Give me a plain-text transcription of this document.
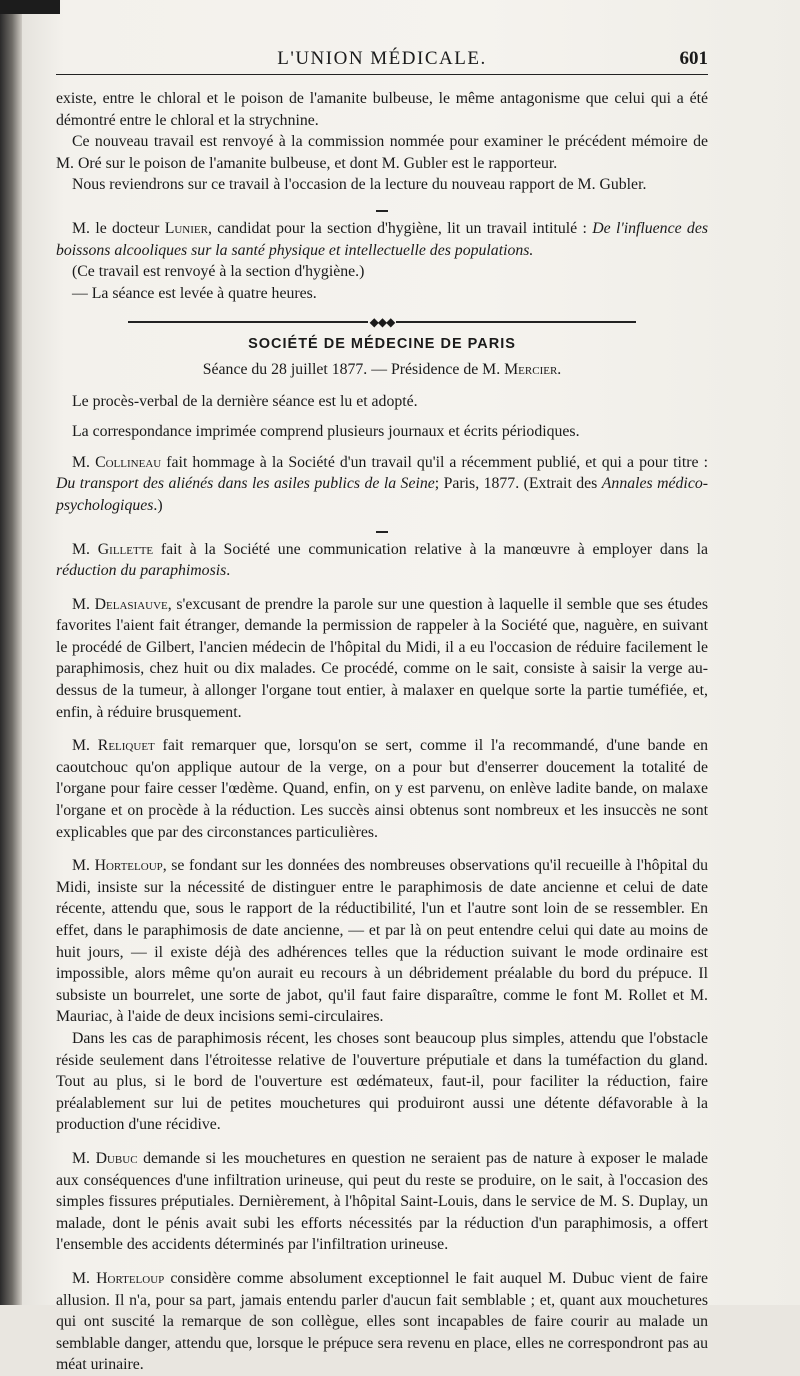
L'UNION MÉDICALE.	601

existe, entre le chloral et le poison de l'amanite bulbeuse, le même antagonisme que celui qui a été démontré entre le chloral et la strychnine.

Ce nouveau travail est renvoyé à la commission nommée pour examiner le précédent mémoire de M. Oré sur le poison de l'amanite bulbeuse, et dont M. Gubler est le rapporteur.

Nous reviendrons sur ce travail à l'occasion de la lecture du nouveau rapport de M. Gubler.

M. le docteur Lunier, candidat pour la section d'hygiène, lit un travail intitulé : De l'influence des boissons alcooliques sur la santé physique et intellectuelle des populations.

(Ce travail est renvoyé à la section d'hygiène.)

— La séance est levée à quatre heures.

◆◆◆
SOCIÉTÉ DE MÉDECINE DE PARIS
Séance du 28 juillet 1877. — Présidence de M. Mercier.

Le procès-verbal de la dernière séance est lu et adopté.

La correspondance imprimée comprend plusieurs journaux et écrits périodiques.

M. Collineau fait hommage à la Société d'un travail qu'il a récemment publié, et qui a pour titre : Du transport des aliénés dans les asiles publics de la Seine; Paris, 1877. (Extrait des Annales médico-psychologiques.)

M. Gillette fait à la Société une communication relative à la manœuvre à employer dans la réduction du paraphimosis.

M. Delasiauve, s'excusant de prendre la parole sur une question à laquelle il semble que ses études favorites l'aient fait étranger, demande la permission de rappeler à la Société que, naguère, en suivant le procédé de Gilbert, l'ancien médecin de l'hôpital du Midi, il a eu l'occasion de réduire facilement le paraphimosis, chez huit ou dix malades. Ce procédé, comme on le sait, consiste à saisir la verge au-dessus de la tumeur, à allonger l'organe tout entier, à malaxer en quelque sorte la partie tuméfiée, et, enfin, à réduire brusquement.

M. Reliquet fait remarquer que, lorsqu'on se sert, comme il l'a recommandé, d'une bande en caoutchouc qu'on applique autour de la verge, on a pour but d'enserrer doucement la totalité de l'organe pour faire cesser l'œdème. Quand, enfin, on y est parvenu, on enlève ladite bande, on malaxe l'organe et on procède à la réduction. Les succès ainsi obtenus sont nombreux et les insuccès ne sont explicables que par des circonstances particulières.

M. Horteloup, se fondant sur les données des nombreuses observations qu'il recueille à l'hôpital du Midi, insiste sur la nécessité de distinguer entre le paraphimosis de date ancienne et celui de date récente, attendu que, sous le rapport de la réductibilité, l'un et l'autre sont loin de se ressembler. En effet, dans le paraphimosis de date ancienne, — et par là on peut entendre celui qui date au moins de huit jours, — il existe déjà des adhérences telles que la réduction suivant le mode ordinaire est impossible, alors même qu'on aurait eu recours à un débridement préalable du bord du prépuce. Il subsiste un bourrelet, une sorte de jabot, qu'il faut faire disparaître, comme le font M. Rollet et M. Mauriac, à l'aide de deux incisions semi-circulaires.

Dans les cas de paraphimosis récent, les choses sont beaucoup plus simples, attendu que l'obstacle réside seulement dans l'étroitesse relative de l'ouverture préputiale et dans la tuméfaction du gland. Tout au plus, si le bord de l'ouverture est œdémateux, faut-il, pour faciliter la réduction, faire préalablement sur lui de petites mouchetures qui produiront aussi une détente défavorable à la production d'une récidive.

M. Dubuc demande si les mouchetures en question ne seraient pas de nature à exposer le malade aux conséquences d'une infiltration urineuse, qui peut du reste se produire, on le sait, à l'occasion des simples fissures préputiales. Dernièrement, à l'hôpital Saint-Louis, dans le service de M. S. Duplay, un malade, dont le pénis avait subi les efforts nécessités par la réduction d'un paraphimosis, a offert l'ensemble des accidents déterminés par l'infiltration urineuse.

M. Horteloup considère comme absolument exceptionnel le fait auquel M. Dubuc vient de faire allusion. Il n'a, pour sa part, jamais entendu parler d'aucun fait semblable ; et, quant aux mouchetures qui ont suscité la remarque de son collègue, elles sont incapables de faire courir au malade un semblable danger, attendu que, lorsque le prépuce sera revenu en place, elles ne correspondront pas au méat urinaire.
